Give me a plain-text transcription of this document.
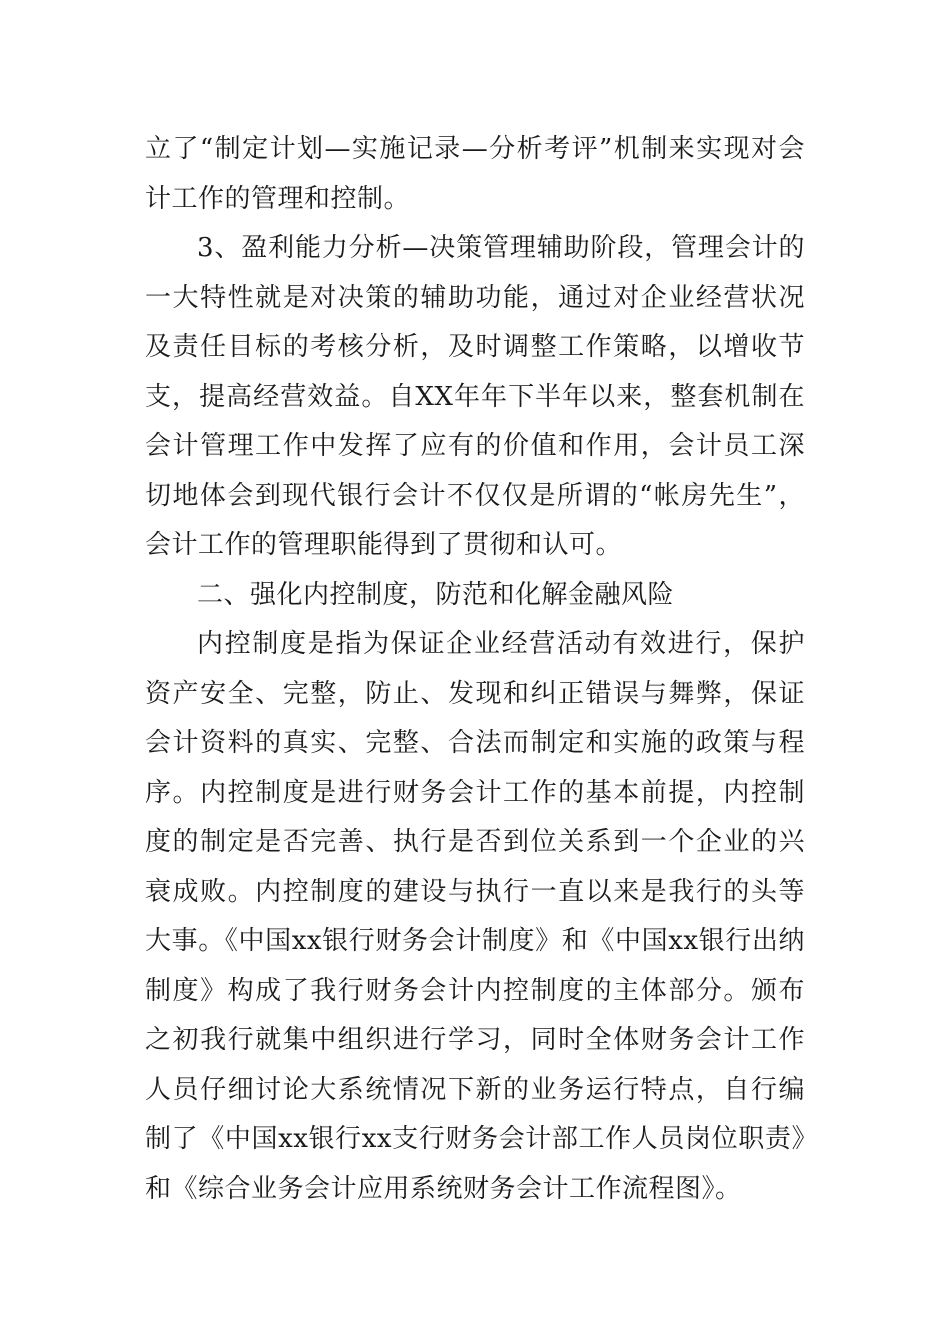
立了“制定计划—实施记录—分析考评”机制来实现对会计工作的管理和控制。

3、盈利能力分析—决策管理辅助阶段，管理会计的一大特性就是对决策的辅助功能，通过对企业经营状况及责任目标的考核分析，及时调整工作策略，以增收节支，提高经营效益。自XX年年下半年以来，整套机制在会计管理工作中发挥了应有的价值和作用，会计员工深切地体会到现代银行会计不仅仅是所谓的“帐房先生”，会计工作的管理职能得到了贯彻和认可。

二、强化内控制度，防范和化解金融风险

内控制度是指为保证企业经营活动有效进行，保护资产安全、完整，防止、发现和纠正错误与舞弊，保证会计资料的真实、完整、合法而制定和实施的政策与程序。内控制度是进行财务会计工作的基本前提，内控制度的制定是否完善、执行是否到位关系到一个企业的兴衰成败。内控制度的建设与执行一直以来是我行的头等大事。《中国xx银行财务会计制度》和《中国xx银行出纳制度》构成了我行财务会计内控制度的主体部分。颁布之初我行就集中组织进行学习，同时全体财务会计工作人员仔细讨论大系统情况下新的业务运行特点，自行编制了《中国xx银行xx支行财务会计部工作人员岗位职责》和《综合业务会计应用系统财务会计工作流程图》。
